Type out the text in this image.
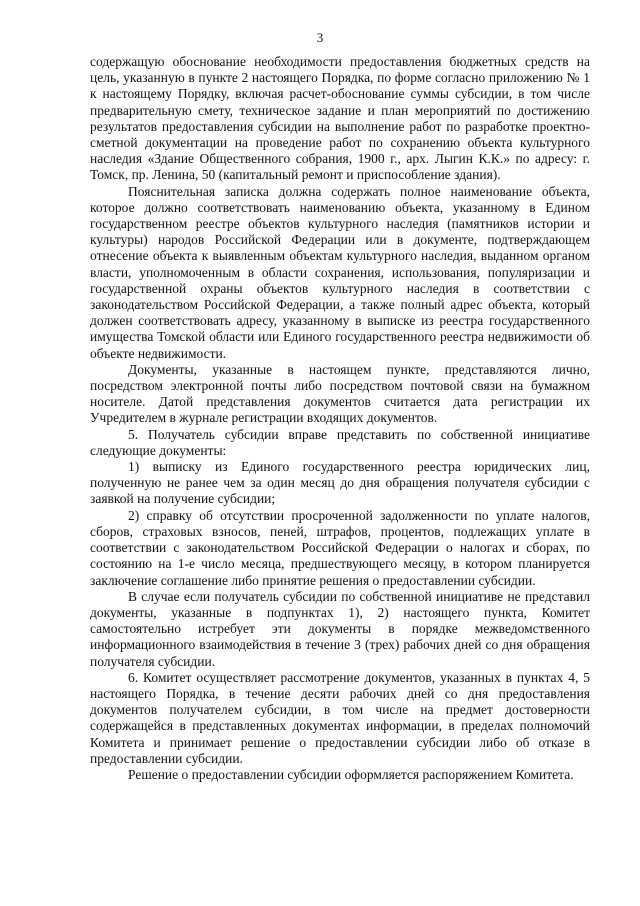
3

содержащую обоснование необходимости предоставления бюджетных средств на цель, указанную в пункте 2 настоящего Порядка, по форме согласно приложению № 1 к настоящему Порядку, включая расчет-обоснование суммы субсидии, в том числе предварительную смету, техническое задание и план мероприятий по достижению результатов предоставления субсидии на выполнение работ по разработке проектно-сметной документации на проведение работ по сохранению объекта культурного наследия «Здание Общественного собрания, 1900 г., арх. Лыгин К.К.» по адресу: г. Томск, пр. Ленина, 50 (капитальный ремонт и приспособление здания).

Пояснительная записка должна содержать полное наименование объекта, которое должно соответствовать наименованию объекта, указанному в Едином государственном реестре объектов культурного наследия (памятников истории и культуры) народов Российской Федерации или в документе, подтверждающем отнесение объекта к выявленным объектам культурного наследия, выданном органом власти, уполномоченным в области сохранения, использования, популяризации и государственной охраны объектов культурного наследия в соответствии с законодательством Российской Федерации, а также полный адрес объекта, который должен соответствовать адресу, указанному в выписке из реестра государственного имущества Томской области или Единого государственного реестра недвижимости об объекте недвижимости.

Документы, указанные в настоящем пункте, представляются лично, посредством электронной почты либо посредством почтовой связи на бумажном носителе. Датой представления документов считается дата регистрации их Учредителем в журнале регистрации входящих документов.

5. Получатель субсидии вправе представить по собственной инициативе следующие документы:

1) выписку из Единого государственного реестра юридических лиц, полученную не ранее чем за один месяц до дня обращения получателя субсидии с заявкой на получение субсидии;

2) справку об отсутствии просроченной задолженности по уплате налогов, сборов, страховых взносов, пеней, штрафов, процентов, подлежащих уплате в соответствии с законодательством Российской Федерации о налогах и сборах, по состоянию на 1-е число месяца, предшествующего месяцу, в котором планируется заключение соглашение либо принятие решения о предоставлении субсидии.

В случае если получатель субсидии по собственной инициативе не представил документы, указанные в подпунктах 1), 2) настоящего пункта, Комитет самостоятельно истребует эти документы в порядке межведомственного информационного взаимодействия в течение 3 (трех) рабочих дней со дня обращения получателя субсидии.

6. Комитет осуществляет рассмотрение документов, указанных в пунктах 4, 5 настоящего Порядка, в течение десяти рабочих дней со дня предоставления документов получателем субсидии, в том числе на предмет достоверности содержащейся в представленных документах информации, в пределах полномочий Комитета и принимает решение о предоставлении субсидии либо об отказе в предоставлении субсидии.

Решение о предоставлении субсидии оформляется распоряжением Комитета.
